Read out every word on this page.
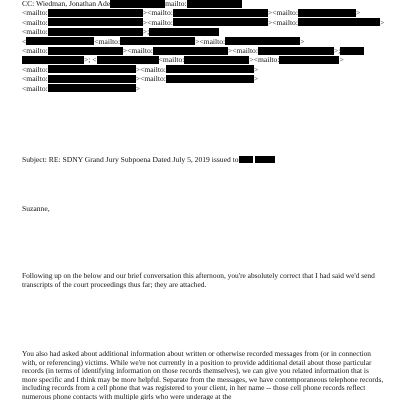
CC: Wiedman, Jonathan Ade	mailto:
<mailto:	><mailto:	><mailto:	>
<mailto:	><mailto:	><mailto:	>
<mailto:	>;
<	<mailto:	><mailto:	>
<mailto:	><mailto:	><mailto:	>;
>; <	<mailto:	><mailto:	>
<mailto:	><mailto:	>
<mailto:	><mailto:	>
<mailto:	>
Subject: RE: SDNY Grand Jury Subpoena Dated July 5, 2019 issued to
Suzanne,
Following up on the below and our brief conversation this afternoon, you're absolutely correct that I had said we'd send transcripts of the court proceedings thus far; they are attached.
You also had asked about additional information about written or otherwise recorded messages from (or in connection with, or referencing) victims. While we're not currently in a position to provide additional detail about those particular records (in terms of identifying information on those records themselves), we can give you related information that is more specific and I think may be more helpful. Separate from the messages, we have contemporaneous telephone records, including records from a cell phone that was registered to your client, in her name -- those cell phone records reflect numerous phone contacts with multiple girls who were underage at the
